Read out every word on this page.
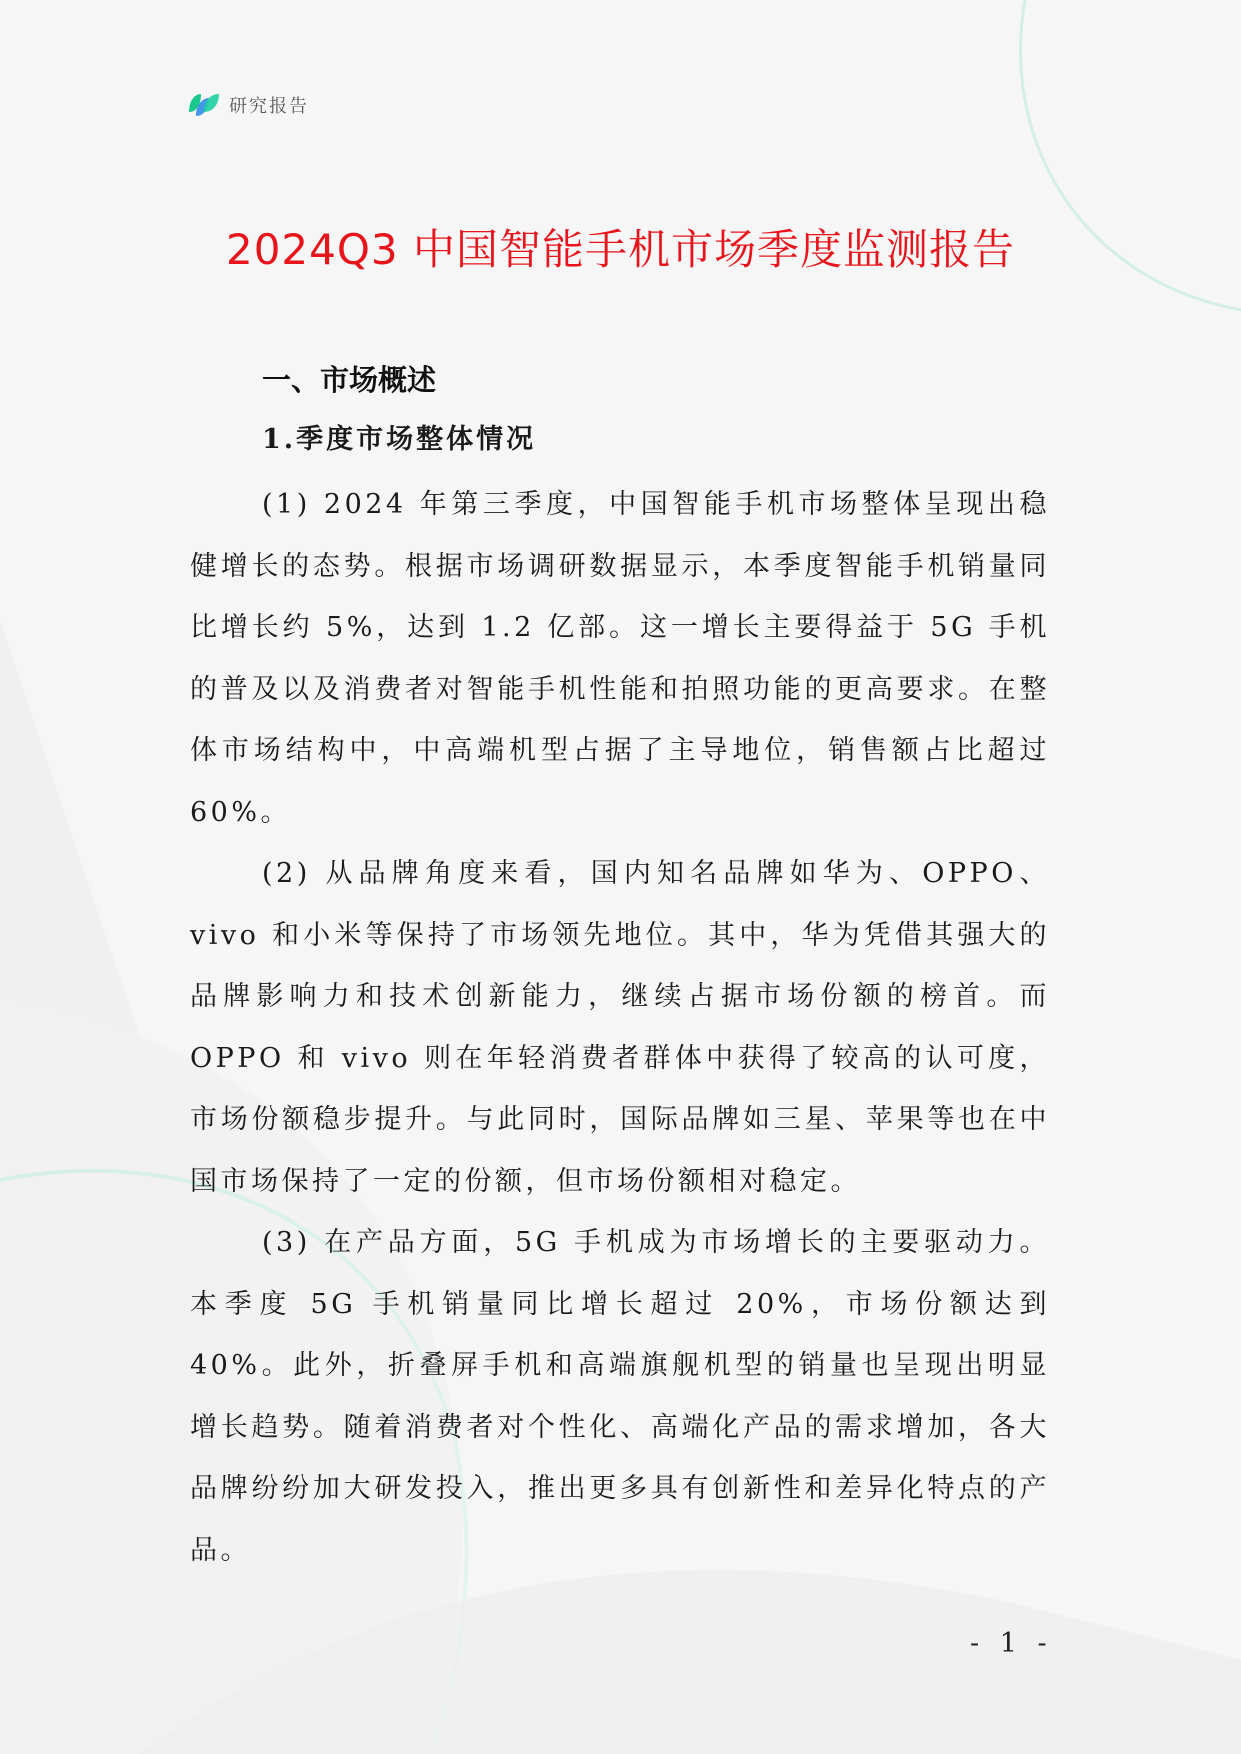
研究报告
2024Q3 中国智能手机市场季度监测报告
一、市场概述
1.季度市场整体情况

(1) 2024 年第三季度，中国智能手机市场整体呈现出稳健增长的态势。根据市场调研数据显示，本季度智能手机销量同比增长约 5%，达到 1.2 亿部。这一增长主要得益于 5G 手机的普及以及消费者对智能手机性能和拍照功能的更高要求。在整体市场结构中，中高端机型占据了主导地位，销售额占比超过 60%。

(2) 从品牌角度来看，国内知名品牌如华为、OPPO、vivo 和小米等保持了市场领先地位。其中，华为凭借其强大的品牌影响力和技术创新能力，继续占据市场份额的榜首。而 OPPO 和 vivo 则在年轻消费者群体中获得了较高的认可度，市场份额稳步提升。与此同时，国际品牌如三星、苹果等也在中国市场保持了一定的份额，但市场份额相对稳定。

(3) 在产品方面，5G 手机成为市场增长的主要驱动力。本季度 5G 手机销量同比增长超过 20%，市场份额达到 40%。此外，折叠屏手机和高端旗舰机型的销量也呈现出明显增长趋势。随着消费者对个性化、高端化产品的需求增加，各大品牌纷纷加大研发投入，推出更多具有创新性和差异化特点的产品。

- 1 -
